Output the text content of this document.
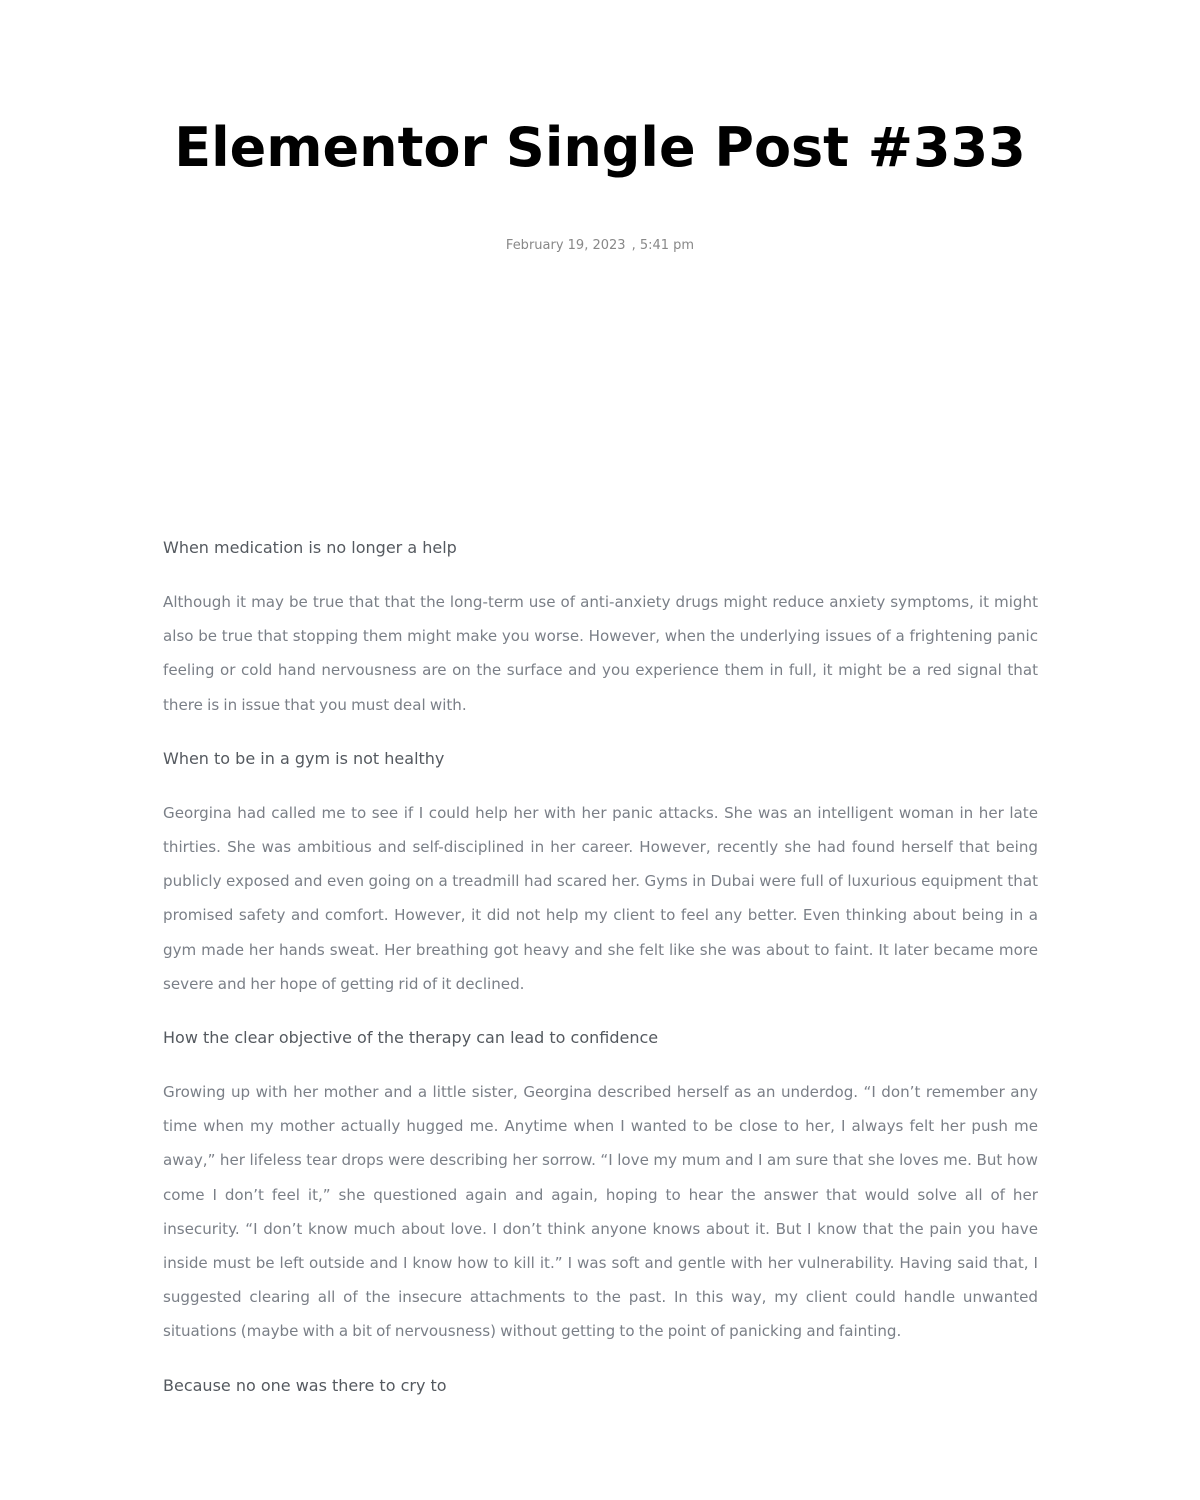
Elementor Single Post #333
February 19, 2023 , 5:41 pm
When medication is no longer a help

Although it may be true that that the long-term use of anti-anxiety drugs might reduce anxiety symptoms, it might also be true that stopping them might make you worse. However, when the underlying issues of a frightening panic feeling or cold hand nervousness are on the surface and you experience them in full, it might be a red signal that there is in issue that you must deal with.

When to be in a gym is not healthy

Georgina had called me to see if I could help her with her panic attacks. She was an intelligent woman in her late thirties. She was ambitious and self-disciplined in her career. However, recently she had found herself that being publicly exposed and even going on a treadmill had scared her. Gyms in Dubai were full of luxurious equipment that promised safety and comfort. However, it did not help my client to feel any better. Even thinking about being in a gym made her hands sweat. Her breathing got heavy and she felt like she was about to faint. It later became more severe and her hope of getting rid of it declined.

How the clear objective of the therapy can lead to confidence

Growing up with her mother and a little sister, Georgina described herself as an underdog. “I don’t remember any time when my mother actually hugged me. Anytime when I wanted to be close to her, I always felt her push me away,” her lifeless tear drops were describing her sorrow. “I love my mum and I am sure that she loves me. But how come I don’t feel it,” she questioned again and again, hoping to hear the answer that would solve all of her insecurity. “I don’t know much about love. I don’t think anyone knows about it. But I know that the pain you have inside must be left outside and I know how to kill it.” I was soft and gentle with her vulnerability. Having said that, I suggested clearing all of the insecure attachments to the past. In this way, my client could handle unwanted situations (maybe with a bit of nervousness) without getting to the point of panicking and fainting.

Because no one was there to cry to
